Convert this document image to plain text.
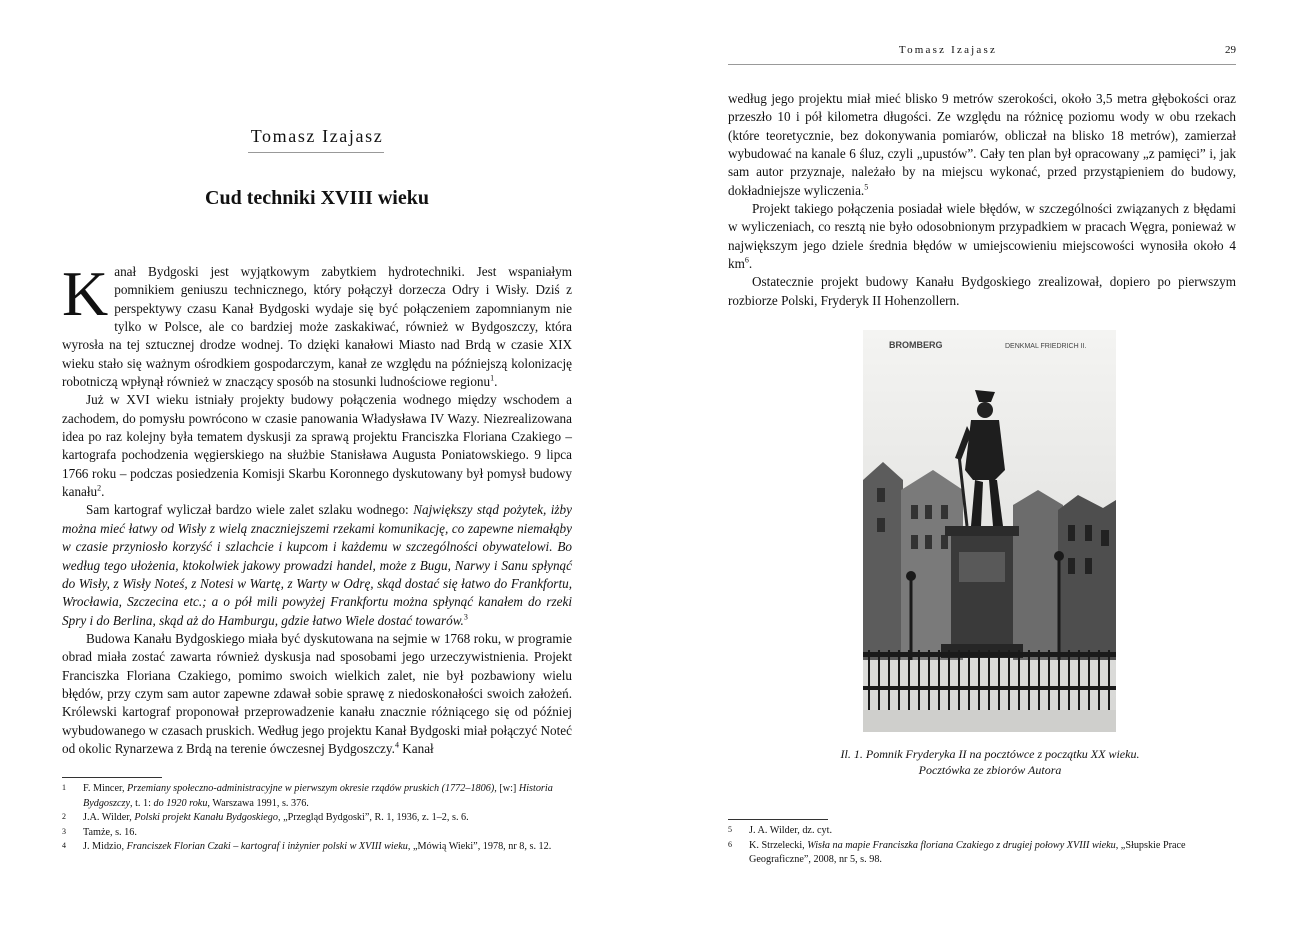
Tomasz Izajasz
Cud techniki XVIII wieku

Kanał Bydgoski jest wyjątkowym zabytkiem hydrotechniki. Jest wspaniałym pomnikiem geniuszu technicznego, który połączył dorzecza Odry i Wisły. Dziś z perspektywy czasu Kanał Bydgoski wydaje się być połączeniem zapomnianym nie tylko w Polsce, ale co bardziej może zaskakiwać, również w Bydgoszczy, która wyrosła na tej sztucznej drodze wodnej. To dzięki kanałowi Miasto nad Brdą w czasie XIX wieku stało się ważnym ośrodkiem gospodarczym, kanał ze względu na późniejszą kolonizację robotniczą wpłynął również w znaczący sposób na stosunki ludnościowe regionu$^1$.

Już w XVI wieku istniały projekty budowy połączenia wodnego między wschodem a zachodem, do pomysłu powrócono w czasie panowania Władysława IV Wazy. Niezrealizowana idea po raz kolejny była tematem dyskusji za sprawą projektu Franciszka Floriana Czakiego – kartografa pochodzenia węgierskiego na służbie Stanisława Augusta Poniatowskiego. 9 lipca 1766 roku – podczas posiedzenia Komisji Skarbu Koronnego dyskutowany był pomysł budowy kanału$^2$.

Sam kartograf wyliczał bardzo wiele zalet szlaku wodnego: Największy stąd pożytek, iżby można mieć łatwy od Wisły z wielą znaczniejszemi rzekami komunikację, co zapewne niemałąby w czasie przyniosło korzyść i szlachcie i kupcom i każdemu w szczególności obywatelowi. Bo według tego ułożenia, ktokolwiek jakowy prowadzi handel, może z Bugu, Narwy i Sanu spłynąć do Wisły, z Wisły Noteś, z Notesi w Wartę, z Warty w Odrę, skąd dostać się łatwo do Frankfortu, Wrocławia, Szczecina etc.; a o pół mili powyżej Frankfortu można spłynąć kanałem do rzeki Spry i do Berlina, skąd aż do Hamburgu, gdzie łatwo Wiele dostać towarów.$^3$

Budowa Kanału Bydgoskiego miała być dyskutowana na sejmie w 1768 roku, w programie obrad miała zostać zawarta również dyskusja nad sposobami jego urzeczywistnienia. Projekt Franciszka Floriana Czakiego, pomimo swoich wielkich zalet, nie był pozbawiony wielu błędów, przy czym sam autor zapewne zdawał sobie sprawę z niedoskonałości swoich założeń. Królewski kartograf proponował przeprowadzenie kanału znacznie różniącego się od później wybudowanego w czasach pruskich. Według jego projektu Kanał Bydgoski miał połączyć Noteć od okolic Rynarzewa z Brdą na terenie ówczesnej Bydgoszczy.$^4$ Kanał

1 F. Mincer, Przemiany społeczno-administracyjne w pierwszym okresie rządów pruskich (1772–1806), [w:] Historia Bydgoszczy, t. 1: do 1920 roku, Warszawa 1991, s. 376.
2 J.A. Wilder, Polski projekt Kanału Bydgoskiego, „Przegląd Bydgoski”, R. 1, 1936, z. 1–2, s. 6.
3 Tamże, s. 16.
4 J. Midzio, Franciszek Florian Czaki – kartograf i inżynier polski w XVIII wieku, „Mówią Wieki”, 1978, nr 8, s. 12.
Tomasz Izajasz	29

według jego projektu miał mieć blisko 9 metrów szerokości, około 3,5 metra głębokości oraz przeszło 10 i pół kilometra długości. Ze względu na różnicę poziomu wody w obu rzekach (które teoretycznie, bez dokonywania pomiarów, obliczał na blisko 18 metrów), zamierzał wybudować na kanale 6 śluz, czyli „upustów”. Cały ten plan był opracowany „z pamięci” i, jak sam autor przyznaje, należało by na miejscu wykonać, przed przystąpieniem do budowy, dokładniejsze wyliczenia.$^5$

Projekt takiego połączenia posiadał wiele błędów, w szczególności związanych z błędami w wyliczeniach, co resztą nie było odosobnionym przypadkiem w pracach Węgra, ponieważ w największym jego dziele średnia błędów w umiejscowieniu miejscowości wynosiła około 4 $km^6$.

Ostatecznie projekt budowy Kanału Bydgoskiego zrealizował, dopiero po pierwszym rozbiorze Polski, Fryderyk II Hohenzollern.

BROMBERG	DENKMAL FRIEDRICH II.
Il. 1. Pomnik Fryderyka II na pocztówce z początku XX wieku.
Pocztówka ze zbiorów Autora
5 J. A. Wilder, dz. cyt.
6 K. Strzelecki, Wisła na mapie Franciszka floriana Czakiego z drugiej połowy XVIII wieku, „Słupskie Prace Geograficzne”, 2008, nr 5, s. 98.
